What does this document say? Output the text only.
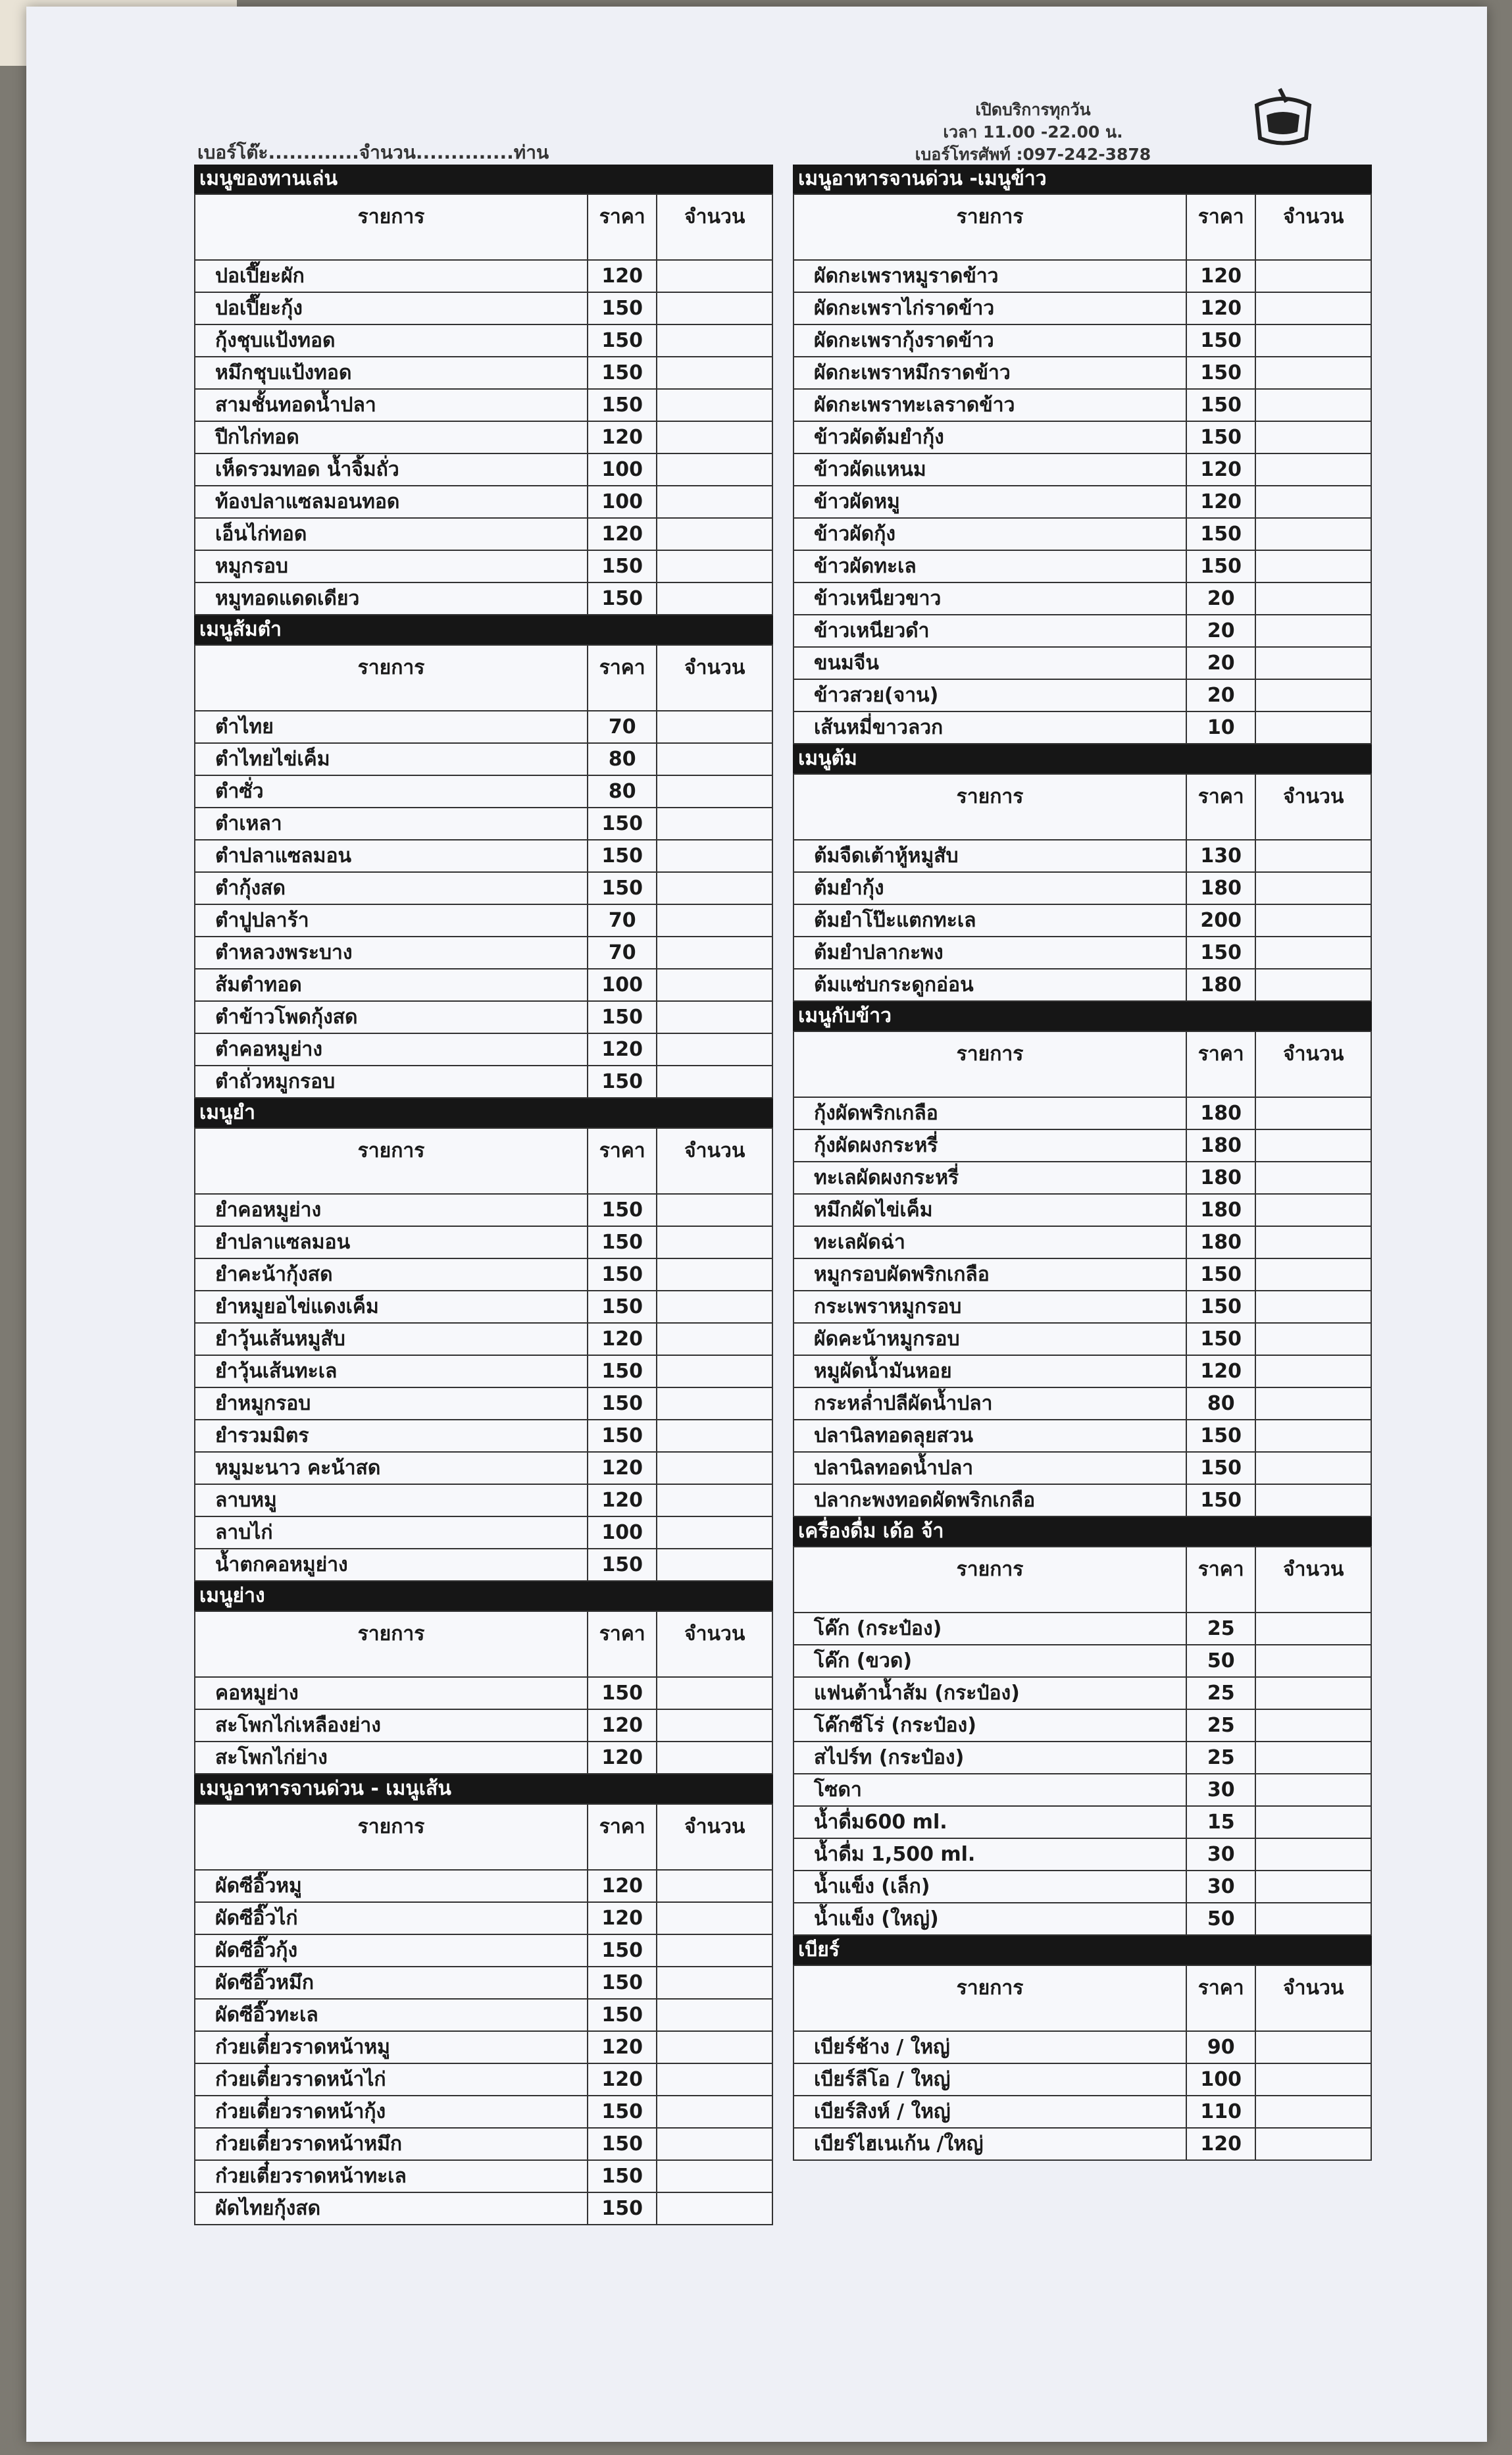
เปิดบริการทุกวัน
เวลา 11.00 -22.00 น.
เบอร์โทรศัพท์ :097-242-3878
เบอร์โต๊ะ.............จำนวน..............ท่าน
เมนูของทานเล่น
รายการ	ราคา	จำนวน
ปอเปี๊ยะผัก	120	
ปอเปี๊ยะกุ้ง	150	
กุ้งชุบแป้งทอด	150	
หมึกชุบแป้งทอด	150	
สามชั้นทอดน้ำปลา	150	
ปีกไก่ทอด	120	
เห็ดรวมทอด น้ำจิ้มถั่ว	100	
ท้องปลาแซลมอนทอด	100	
เอ็นไก่ทอด	120	
หมูกรอบ	150	
หมูทอดแดดเดียว	150	
เมนูส้มตำ
รายการ	ราคา	จำนวน
ตำไทย	70	
ตำไทยไข่เค็ม	80	
ตำซั่ว	80	
ตำเหลา	150	
ตำปลาแซลมอน	150	
ตำกุ้งสด	150	
ตำปูปลาร้า	70	
ตำหลวงพระบาง	70	
ส้มตำทอด	100	
ตำข้าวโพดกุ้งสด	150	
ตำคอหมูย่าง	120	
ตำถั่วหมูกรอบ	150	
เมนูยำ
รายการ	ราคา	จำนวน
ยำคอหมูย่าง	150	
ยำปลาแซลมอน	150	
ยำคะน้ากุ้งสด	150	
ยำหมูยอไข่แดงเค็ม	150	
ยำวุ้นเส้นหมูสับ	120	
ยำวุ้นเส้นทะเล	150	
ยำหมูกรอบ	150	
ยำรวมมิตร	150	
หมูมะนาว คะน้าสด	120	
ลาบหมู	120	
ลาบไก่	100	
น้ำตกคอหมูย่าง	150	
เมนูย่าง
รายการ	ราคา	จำนวน
คอหมูย่าง	150	
สะโพกไก่เหลืองย่าง	120	
สะโพกไก่ย่าง	120	
เมนูอาหารจานด่วน - เมนูเส้น
รายการ	ราคา	จำนวน
ผัดซีอิ๊วหมู	120	
ผัดซีอิ๊วไก่	120	
ผัดซีอิ๊วกุ้ง	150	
ผัดซีอิ๊วหมึก	150	
ผัดซีอิ๊วทะเล	150	
ก๋วยเตี๋ยวราดหน้าหมู	120	
ก๋วยเตี๋ยวราดหน้าไก่	120	
ก๋วยเตี๋ยวราดหน้ากุ้ง	150	
ก๋วยเตี๋ยวราดหน้าหมึก	150	
ก๋วยเตี๋ยวราดหน้าทะเล	150	
ผัดไทยกุ้งสด	150	
เมนูอาหารจานด่วน -เมนูข้าว
รายการ	ราคา	จำนวน
ผัดกะเพราหมูราดข้าว	120	
ผัดกะเพราไก่ราดข้าว	120	
ผัดกะเพรากุ้งราดข้าว	150	
ผัดกะเพราหมึกราดข้าว	150	
ผัดกะเพราทะเลราดข้าว	150	
ข้าวผัดต้มยำกุ้ง	150	
ข้าวผัดแหนม	120	
ข้าวผัดหมู	120	
ข้าวผัดกุ้ง	150	
ข้าวผัดทะเล	150	
ข้าวเหนียวขาว	20	
ข้าวเหนียวดำ	20	
ขนมจีน	20	
ข้าวสวย(จาน)	20	
เส้นหมี่ขาวลวก	10	
เมนูต้ม
รายการ	ราคา	จำนวน
ต้มจืดเต้าหู้หมูสับ	130	
ต้มยำกุ้ง	180	
ต้มยำโป๊ะแตกทะเล	200	
ต้มยำปลากะพง	150	
ต้มแซ่บกระดูกอ่อน	180	
เมนูกับข้าว
รายการ	ราคา	จำนวน
กุ้งผัดพริกเกลือ	180	
กุ้งผัดผงกระหรี่	180	
ทะเลผัดผงกระหรี่	180	
หมึกผัดไข่เค็ม	180	
ทะเลผัดฉ่า	180	
หมูกรอบผัดพริกเกลือ	150	
กระเพราหมูกรอบ	150	
ผัดคะน้าหมูกรอบ	150	
หมูผัดน้ำมันหอย	120	
กระหล่ำปลีผัดน้ำปลา	80	
ปลานิลทอดลุยสวน	150	
ปลานิลทอดน้ำปลา	150	
ปลากะพงทอดผัดพริกเกลือ	150	
เครื่องดื่ม เด้อ จ้า
รายการ	ราคา	จำนวน
โค๊ก (กระป๋อง)	25	
โค๊ก (ขวด)	50	
แฟนต้าน้ำส้ม (กระป๋อง)	25	
โค๊กซีโร่ (กระป๋อง)	25	
สไปร์ท (กระป๋อง)	25	
โซดา	30	
น้ำดื่ม600 ml.	15	
น้ำดื่ม 1,500 ml.	30	
น้ำแข็ง (เล็ก)	30	
น้ำแข็ง (ใหญ่)	50	
เบียร์
รายการ	ราคา	จำนวน
เบียร์ช้าง / ใหญ่	90	
เบียร์ลีโอ / ใหญ่	100	
เบียร์สิงห์ / ใหญ่	110	
เบียร์ไฮเนเก้น /ใหญ่	120	
